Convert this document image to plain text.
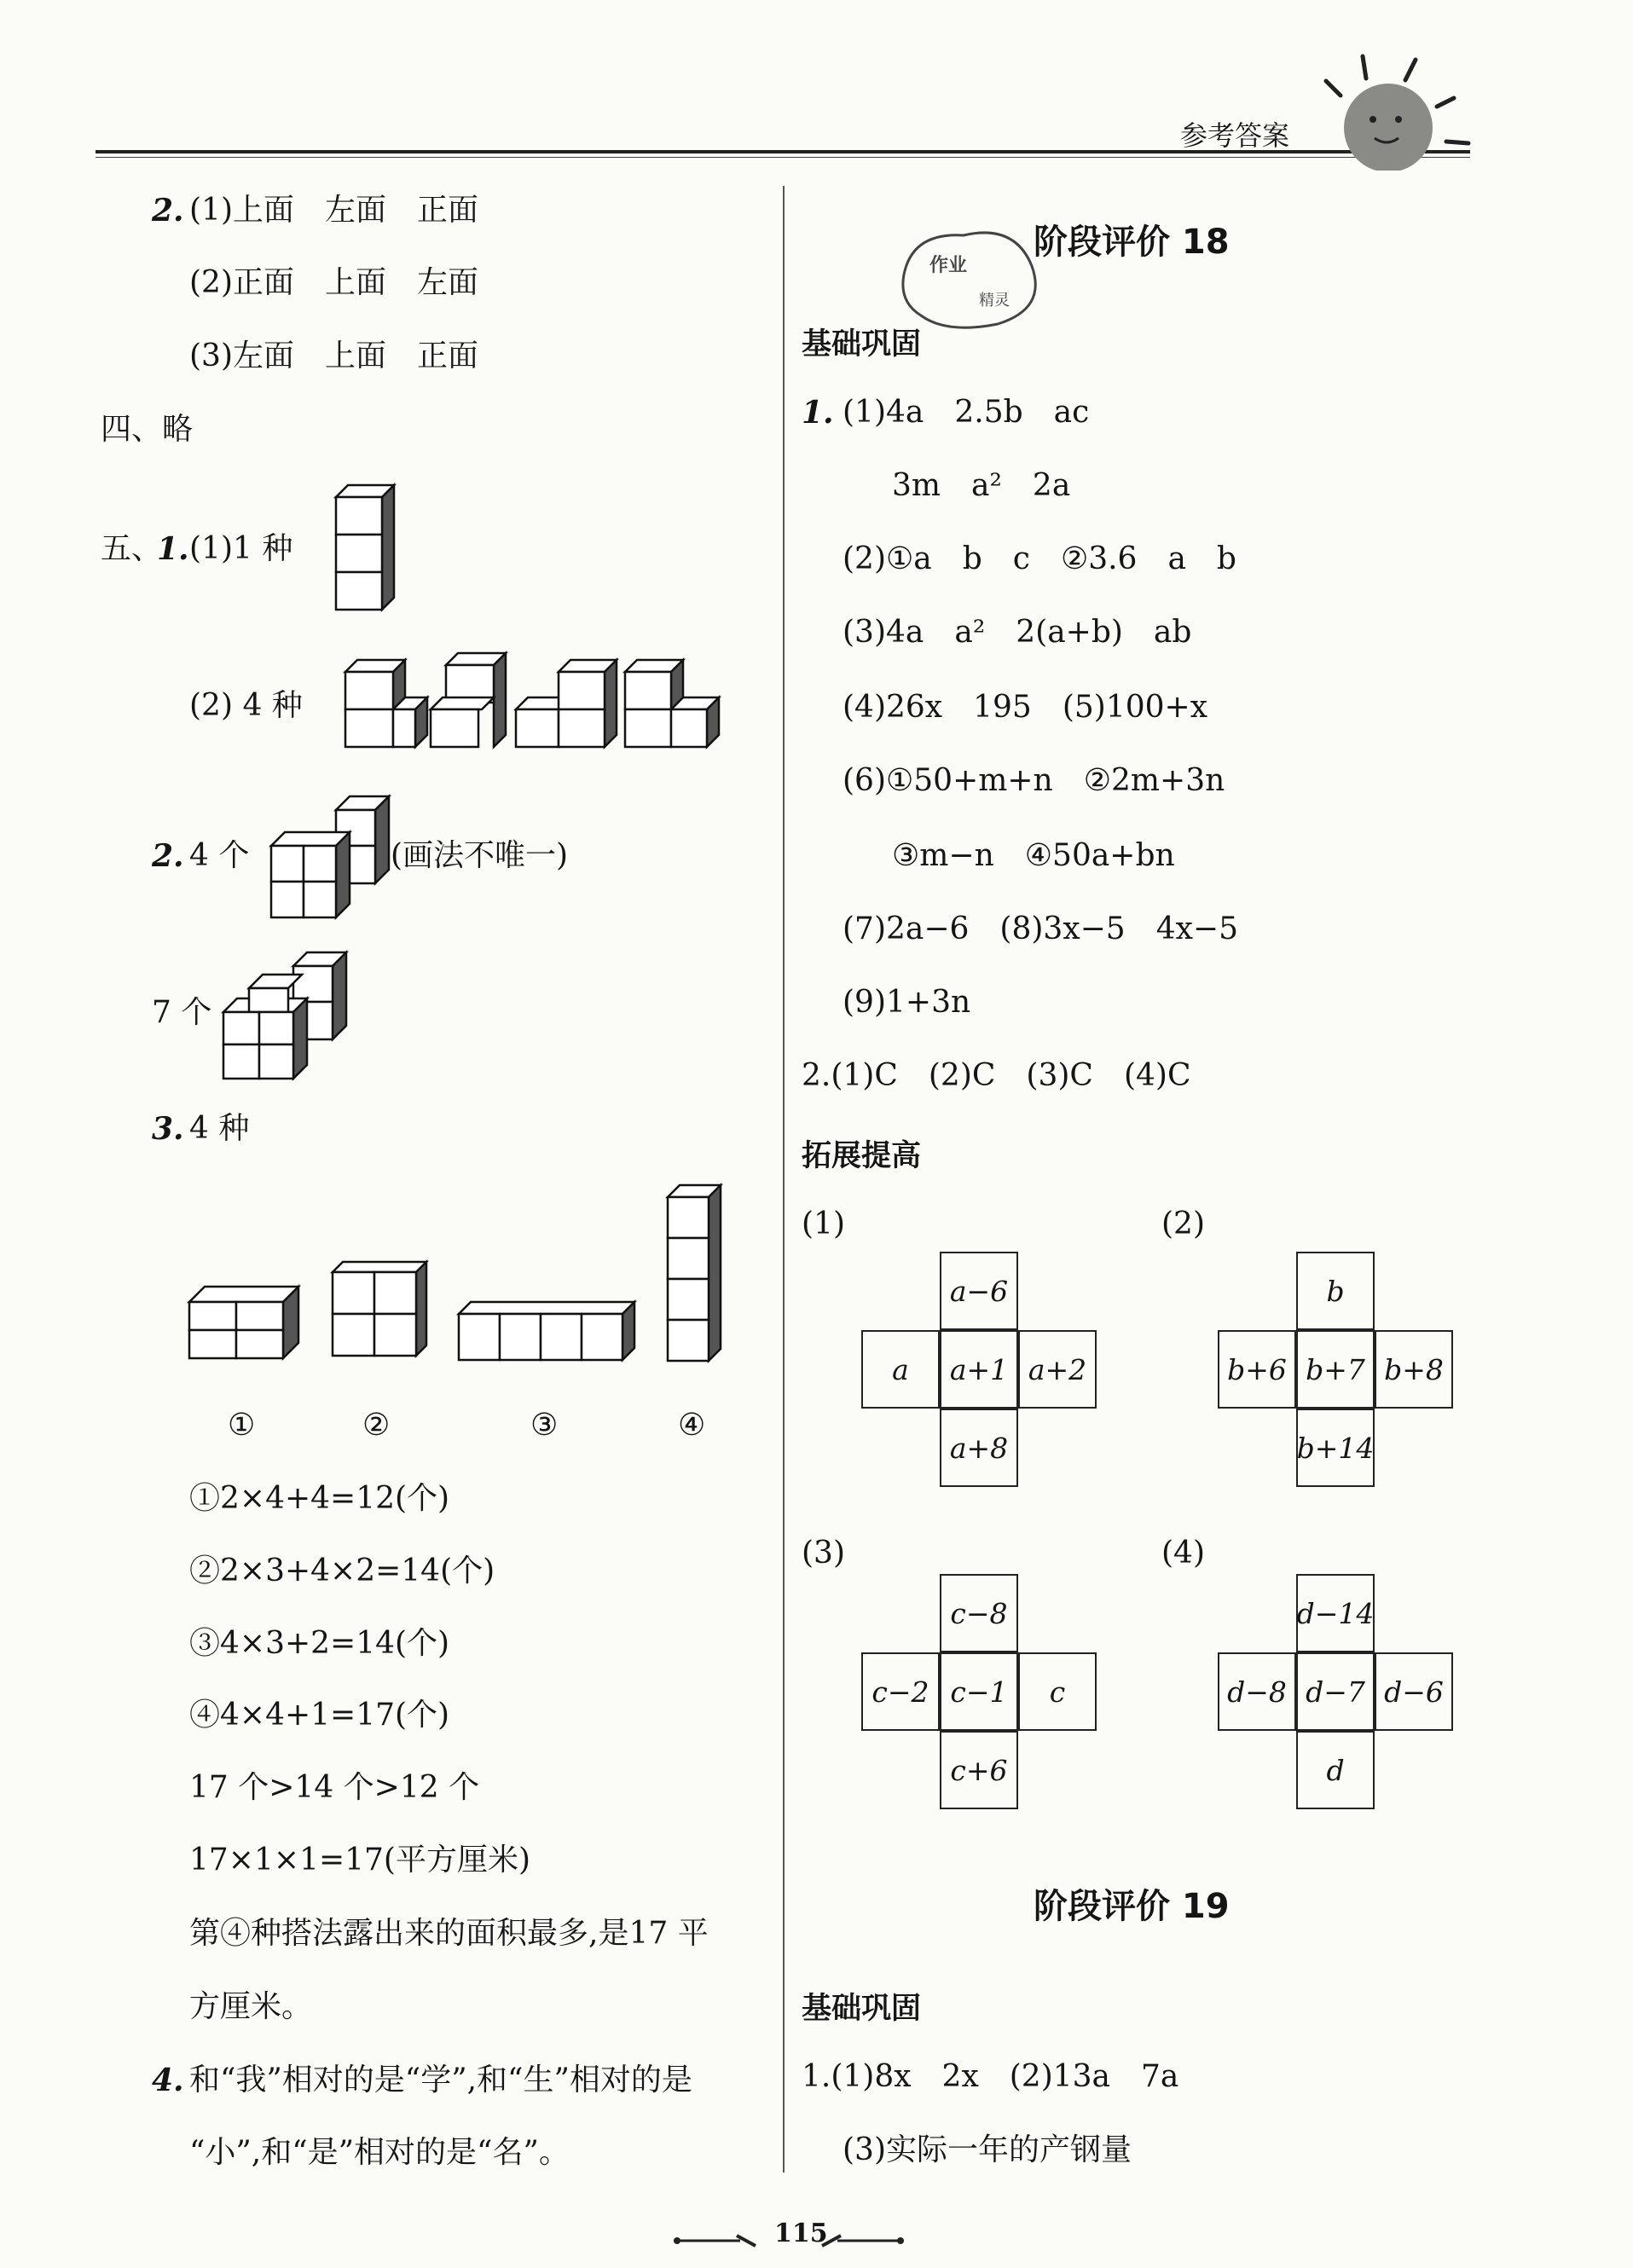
参考答案
2. (1)上面　左面　正面
(2)正面　上面　左面
(3)左面　上面　正面
四、略
五、
1. (1)1 种
(2) 4 种
2. 4 个	(画法不唯一)
7 个
3. 4 种
①	②	③	④
①2×4+4=12(个)
②2×3+4×2=14(个)
③4×3+2=14(个)
④4×4+1=17(个)
17 个>14 个>12 个
17×1×1=17(平方厘米)
第④种搭法露出来的面积最多,是17 平
方厘米。
4. 和“我”相对的是“学”,和“生”相对的是
“小”,和“是”相对的是“名”。
作业
精灵
阶段评价 18
基础巩固
1. (1)4a　2.5b　ac
3m　a²　2a
(2)①a　b　c　②3.6　a　b
(3)4a　a²　2(a+b)　ab
(4)26x　195　(5)100+x
(6)①50+m+n　②2m+3n
③m−n　④50a+bn
(7)2a−6　(8)3x−5　4x−5
(9)1+3n
2.(1)C　(2)C　(3)C　(4)C
拓展提高
(1)	(2)
(3)	(4)
a−6
a a+1 a+2
a+8
b
b+6 b+7 b+8
b+14
c−8
c−2 c−1 c
c+6
d−14
d−8 d−7 d−6
d
阶段评价 19
基础巩固
1.(1)8x　2x　(2)13a　7a
(3)实际一年的产钢量
115
